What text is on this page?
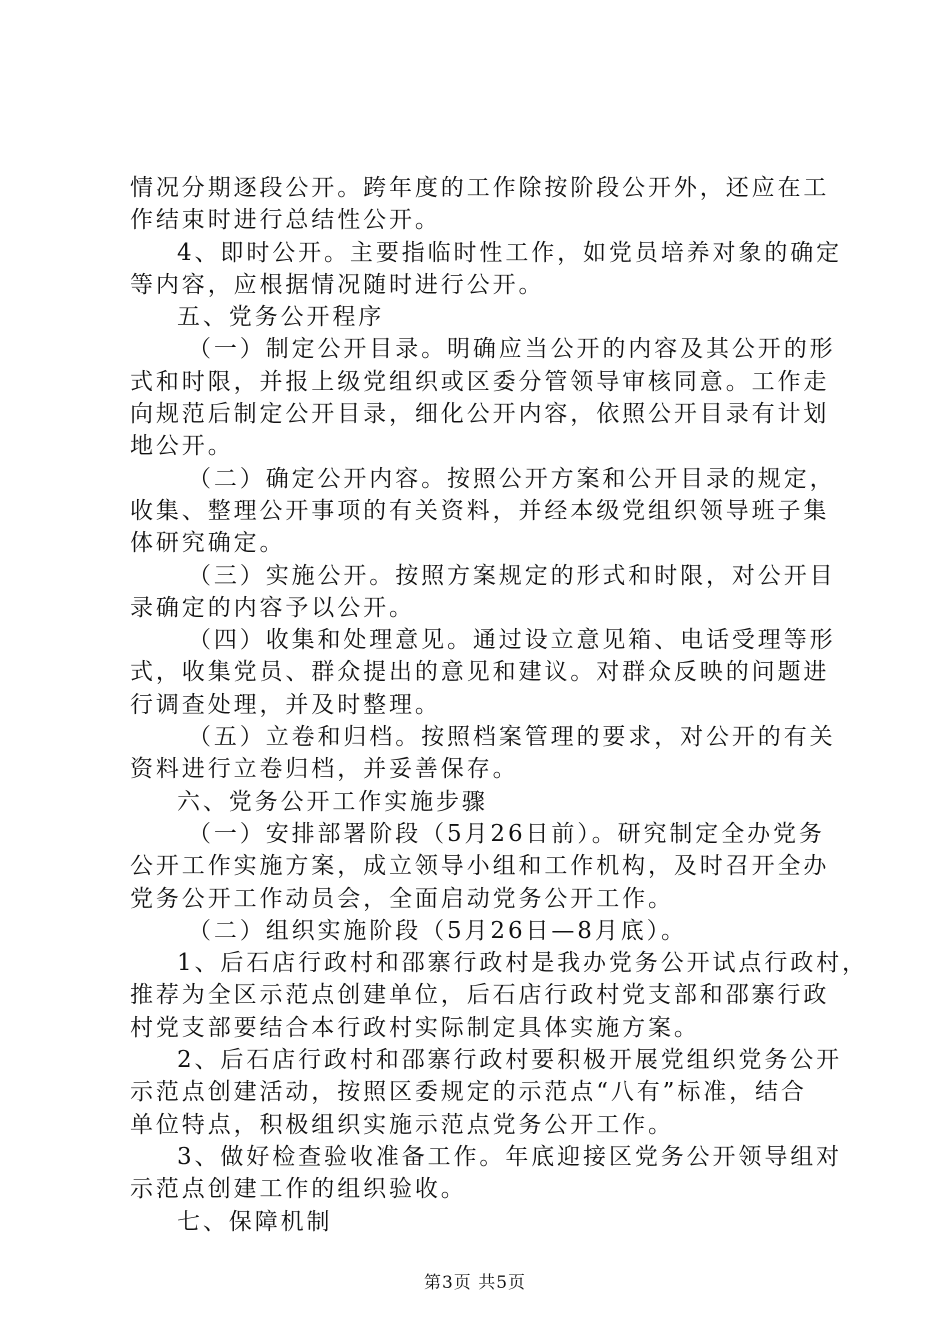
情况分期逐段公开。跨年度的工作除按阶段公开外，还应在工
作结束时进行总结性公开。
4、即时公开。主要指临时性工作，如党员培养对象的确定
等内容，应根据情况随时进行公开。
五、党务公开程序
（一）制定公开目录。明确应当公开的内容及其公开的形
式和时限，并报上级党组织或区委分管领导审核同意。工作走
向规范后制定公开目录，细化公开内容，依照公开目录有计划
地公开。
（二）确定公开内容。按照公开方案和公开目录的规定，
收集、整理公开事项的有关资料，并经本级党组织领导班子集
体研究确定。
（三）实施公开。按照方案规定的形式和时限，对公开目
录确定的内容予以公开。
（四）收集和处理意见。通过设立意见箱、电话受理等形
式，收集党员、群众提出的意见和建议。对群众反映的问题进
行调查处理，并及时整理。
（五）立卷和归档。按照档案管理的要求，对公开的有关
资料进行立卷归档，并妥善保存。
六、党务公开工作实施步骤
（一）安排部署阶段（5月26日前）。研究制定全办党务
公开工作实施方案，成立领导小组和工作机构，及时召开全办
党务公开工作动员会，全面启动党务公开工作。
（二）组织实施阶段（5月26日—8月底）。
1、后石店行政村和邵寨行政村是我办党务公开试点行政村，
推荐为全区示范点创建单位，后石店行政村党支部和邵寨行政
村党支部要结合本行政村实际制定具体实施方案。
2、后石店行政村和邵寨行政村要积极开展党组织党务公开
示范点创建活动，按照区委规定的示范点“八有”标准，结合
单位特点，积极组织实施示范点党务公开工作。
3、做好检查验收准备工作。年底迎接区党务公开领导组对
示范点创建工作的组织验收。
七、保障机制
第3页 共5页
